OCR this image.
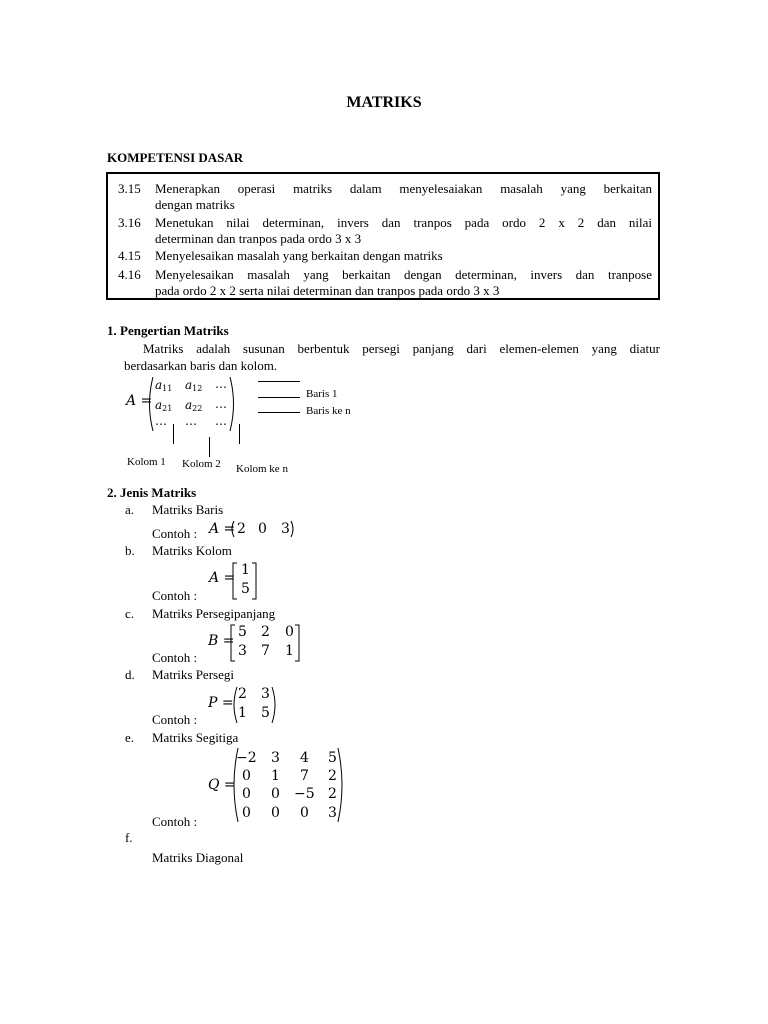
MATRIKS
KOMPETENSI DASAR
3.15 Menerapkan operasi matriks dalam menyelesaiakan masalah yang berkaitan
dengan matriks
3.16 Menetukan nilai determinan, invers dan tranpos pada ordo 2 x 2 dan nilai
determinan dan tranpos pada ordo 3 x 3
4.15 Menyelesaikan masalah yang berkaitan dengan matriks
4.16 Menyelesaikan masalah yang berkaitan dengan determinan, invers dan tranpose
pada ordo 2 x 2 serta nilai determinan dan tranpos pada ordo 3 x 3
1. Pengertian Matriks
Matriks adalah susunan berbentuk persegi panjang dari elemen-elemen yang diatur
berdasarkan baris dan kolom.
A =
$a_{11}$ $a_{12}$ …
$a_{21}$ $a_{22}$ …
… … …
Baris 1
Baris ke n
Kolom 1 Kolom 2 Kolom ke n
2. Jenis Matriks
a. Matriks Baris
Contoh : A = 2 0 3
b. Matriks Kolom
A = 1
5
Contoh :
c. Matriks Persegipanjang
B =
5 2 0
3 7 1
Contoh :
d. Matriks Persegi
P =
2 3
1 5
Contoh :
e. Matriks Segitiga
Q =
−2 3 4 5
0 1 7 2
0 0 −5 2
0 0 0 3
Contoh :
f.
Matriks Diagonal
